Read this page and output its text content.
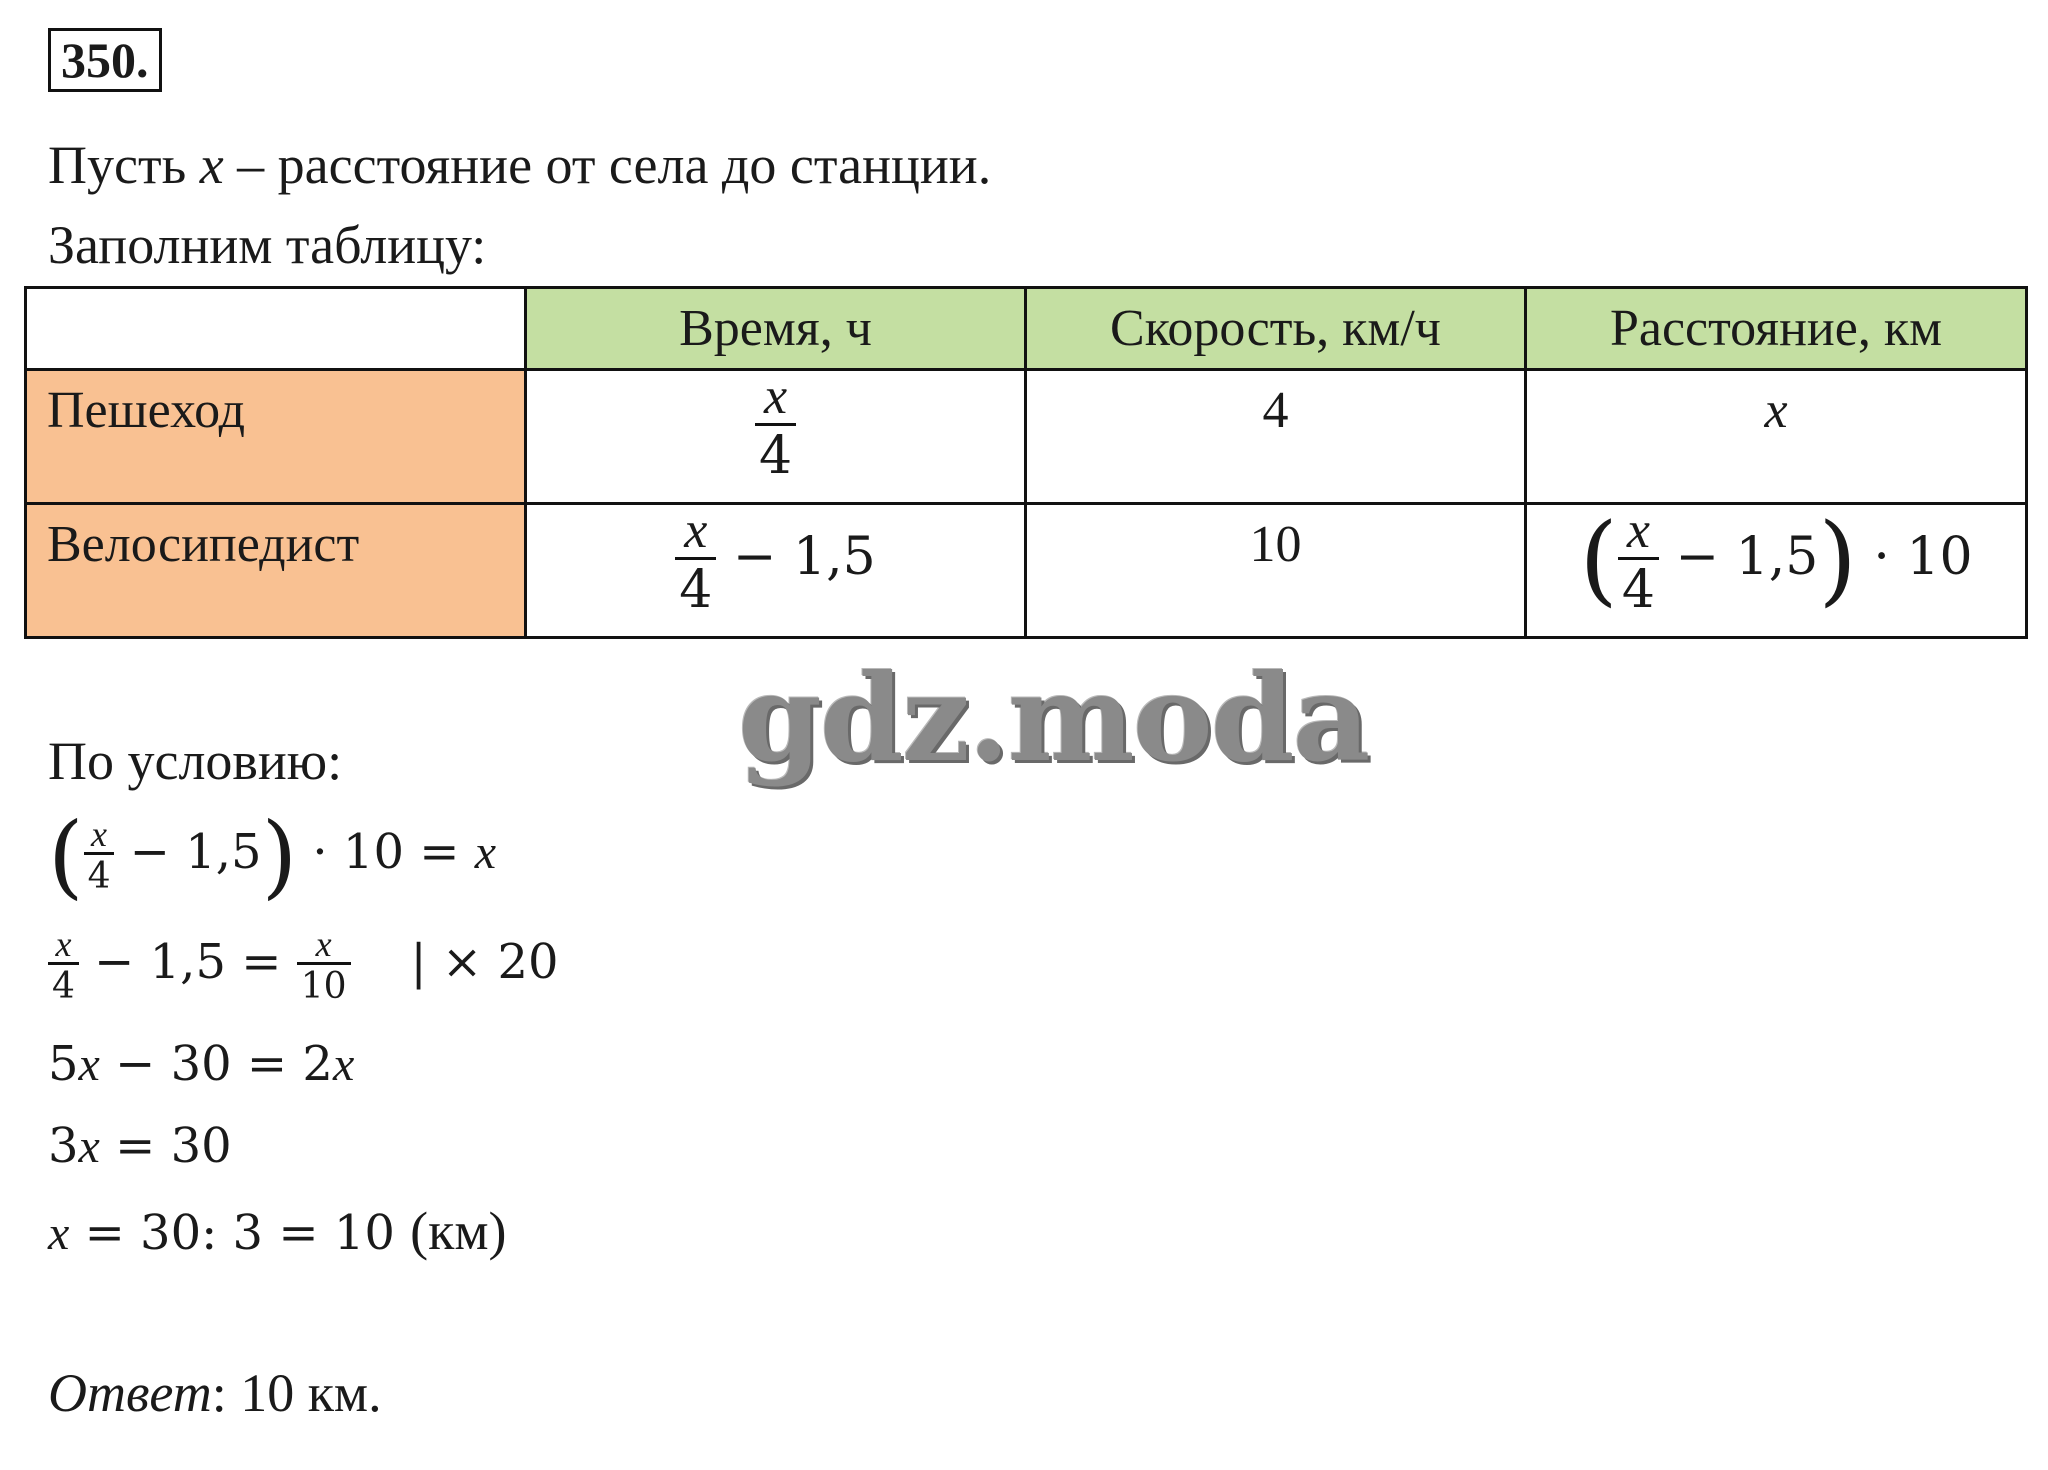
350.
Пусть x – расстояние от села до станции.
Заполним таблицу:
	Время, ч	Скорость, км/ч	Расстояние, км
Пешеход	$\frac{x}{4}$	4	x
Велосипедист	$\frac{x}{4} - 1,5$	10	( $\frac{x}{4} - 1,5) \cdot 10$
gdz.moda
По условию:
( $\frac{x}{4} - 1,5) \cdot 10 = x$
$\frac{x}{4} - 1,5 = \frac{x}{10}$ | × 20
5x − 30 = 2x
3x = 30
x = 30: 3 = 10 (км)
Ответ: 10 км.
